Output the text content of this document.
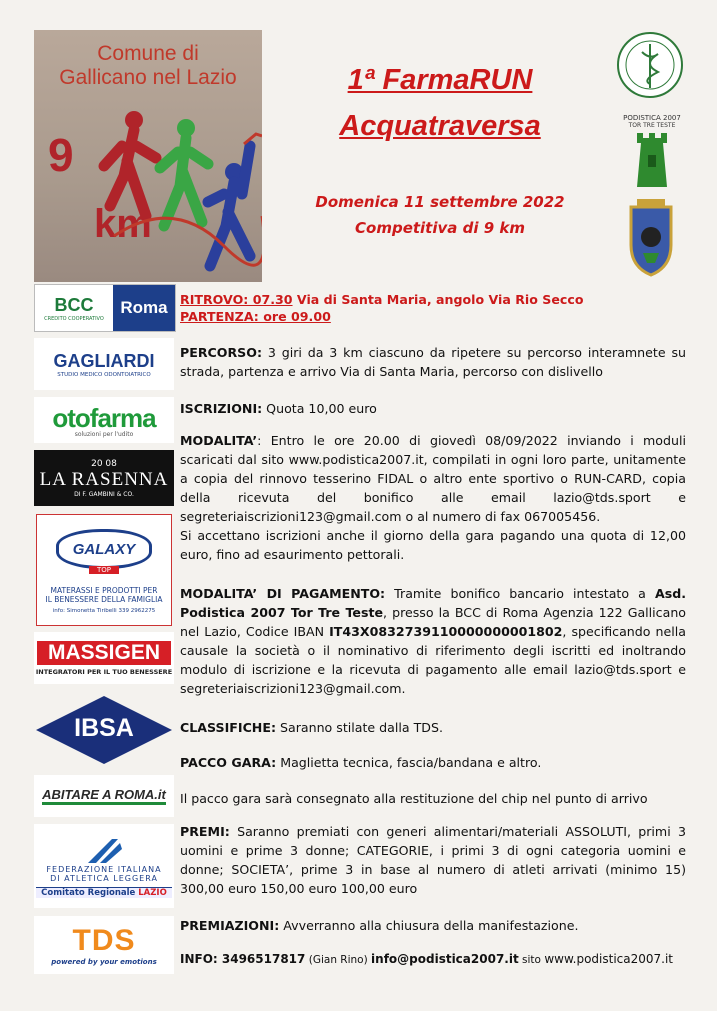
Comune di
Gallicano nel Lazio
9
km
1ª FarmaRUN
Acquatraversa
Domenica 11 settembre 2022
Competitiva di 9 km
PODISTICA 2007
TOR TRE TESTE
BCC
CREDITO COOPERATIVO
Roma
GAGLIARDI
STUDIO MEDICO ODONTOIATRICO
otofarma
soluzioni per l'udito
20 08
LA RASENNA
DI F. GAMBINI & CO.
GALAXY
TOP
MATERASSI E PRODOTTI PER
IL BENESSERE DELLA FAMIGLIA
info: Simonetta Tiribelli 339 2962275
MASSIGEN
INTEGRATORI PER IL TUO BENESSERE
IBSA
ABITARE A ROMA.it
FEDERAZIONE ITALIANA
DI ATLETICA LEGGERA
Comitato Regionale LAZIO
TDS
powered by your emotions
RITROVO: 07.30 Via di Santa Maria, angolo Via Rio Secco
PARTENZA: ore 09.00
PERCORSO: 3 giri da 3 km ciascuno da ripetere su percorso interamnete su strada, partenza e arrivo Via di Santa Maria, percorso con dislivello
ISCRIZIONI: Quota 10,00 euro
MODALITA’: Entro le ore 20.00 di giovedì 08/09/2022 inviando i moduli scaricati dal sito www.podistica2007.it, compilati in ogni loro parte, unitamente a copia del rinnovo tesserino FIDAL o altro ente sportivo o RUN-CARD, copia della ricevuta del bonifico alle email lazio@tds.sport e segreteriaiscrizioni123@gmail.com o al numero di fax 067005456.
Si accettano iscrizioni anche il giorno della gara pagando una quota di 12,00 euro, fino ad esaurimento pettorali.
MODALITA’ DI PAGAMENTO: Tramite bonifico bancario intestato a Asd. Podistica 2007 Tor Tre Teste, presso la BCC di Roma Agenzia 122 Gallicano nel Lazio, Codice IBAN IT43X0832739110000000001802, specificando nella causale la società o il nominativo di riferimento degli iscritti ed inoltrando modulo di iscrizione e la ricevuta di pagamento alle email lazio@tds.sport e segreteriaiscrizioni123@gmail.com.
CLASSIFICHE: Saranno stilate dalla TDS.
PACCO GARA: Maglietta tecnica, fascia/bandana e altro.
Il pacco gara sarà consegnato alla restituzione del chip nel punto di arrivo
PREMI: Saranno premiati con generi alimentari/materiali ASSOLUTI, primi 3 uomini e prime 3 donne; CATEGORIE, i primi 3 di ogni categoria uomini e donne; SOCIETA’, prime 3 in base al numero di atleti arrivati (minimo 15) 300,00 euro 150,00 euro 100,00 euro
PREMIAZIONI: Avverranno alla chiusura della manifestazione.
INFO: 3496517817 (Gian Rino) info@podistica2007.it sito www.podistica2007.it
